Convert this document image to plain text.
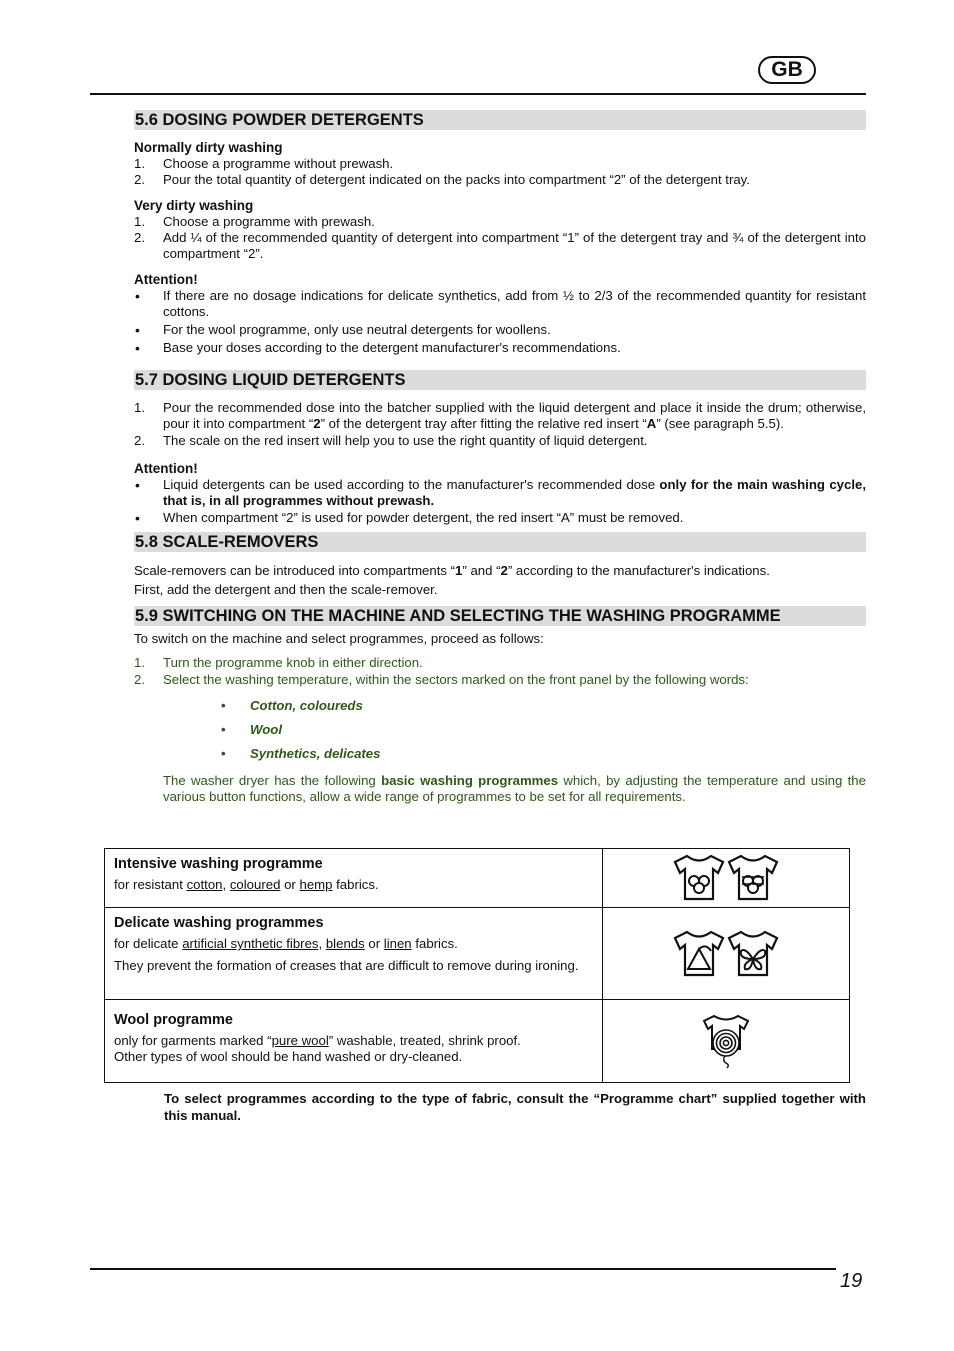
GB
5.6 DOSING POWDER DETERGENTS
Normally dirty washing
1. Choose a programme without prewash.
2. Pour the total quantity of detergent indicated on the packs into compartment “2” of the detergent tray.
Very dirty washing
1. Choose a programme with prewash.
2. Add ¼ of the recommended quantity of detergent into compartment “1” of the detergent tray and ¾ of the detergent into compartment “2”.
Attention!
• If there are no dosage indications for delicate synthetics, add from ½ to 2/3 of the recommended quantity for resistant cottons.
• For the wool programme, only use neutral detergents for woollens.
• Base your doses according to the detergent manufacturer's recommendations.
5.7 DOSING LIQUID DETERGENTS
1. Pour the recommended dose into the batcher supplied with the liquid detergent and place it inside the drum; otherwise, pour it into compartment “2” of the detergent tray after fitting the relative red insert “A” (see paragraph 5.5).
2. The scale on the red insert will help you to use the right quantity of liquid detergent.
Attention!
• Liquid detergents can be used according to the manufacturer's recommended dose only for the main washing cycle, that is, in all programmes without prewash.
• When compartment “2” is used for powder detergent, the red insert “A” must be removed.
5.8 SCALE-REMOVERS
Scale-removers can be introduced into compartments “1” and “2” according to the manufacturer's indications.
First, add the detergent and then the scale-remover.
5.9 SWITCHING ON THE MACHINE AND SELECTING THE WASHING PROGRAMME
To switch on the machine and select programmes, proceed as follows:
1. Turn the programme knob in either direction.
2. Select the washing temperature, within the sectors marked on the front panel by the following words:
• Cotton, coloureds
• Wool
• Synthetics, delicates
The washer dryer has the following basic washing programmes which, by adjusting the temperature and using the various button functions, allow a wide range of programmes to be set for all requirements.
Intensive washing programme
for resistant cotton, coloured or hemp fabrics.
Delicate washing programmes
for delicate artificial synthetic fibres, blends or linen fabrics.
They prevent the formation of creases that are difficult to remove during ironing.
Wool programme
only for garments marked “pure wool” washable, treated, shrink proof.
Other types of wool should be hand washed or dry-cleaned.
To select programmes according to the type of fabric, consult the “Programme chart” supplied together with this manual.
19
